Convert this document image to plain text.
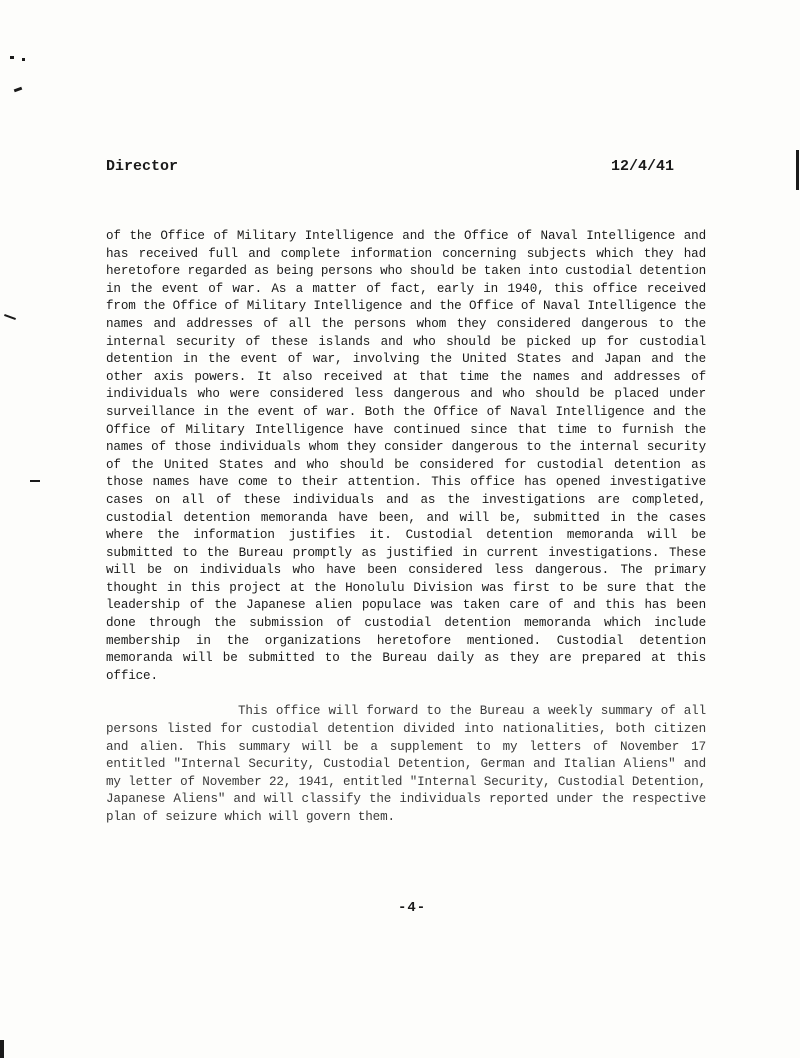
Director	12/4/41

of the Office of Military Intelligence and the Office of Naval Intelligence and has received full and complete information concerning subjects which they had heretofore regarded as being persons who should be taken into custodial detention in the event of war. As a matter of fact, early in 1940, this office received from the Office of Military Intelligence and the Office of Naval Intelligence the names and addresses of all the persons whom they considered dangerous to the internal security of these islands and who should be picked up for custodial detention in the event of war, involving the United States and Japan and the other axis powers. It also received at that time the names and addresses of individuals who were considered less dangerous and who should be placed under surveillance in the event of war. Both the Office of Naval Intelligence and the Office of Military Intelligence have continued since that time to furnish the names of those individuals whom they consider dangerous to the internal security of the United States and who should be considered for custodial detention as those names have come to their attention. This office has opened investigative cases on all of these individuals and as the investigations are completed, custodial detention memoranda have been, and will be, submitted in the cases where the information justifies it. Custodial detention memoranda will be submitted to the Bureau promptly as justified in current investigations. These will be on individuals who have been considered less dangerous. The primary thought in this project at the Honolulu Division was first to be sure that the leadership of the Japanese alien populace was taken care of and this has been done through the submission of custodial detention memoranda which include membership in the organizations heretofore mentioned. Custodial detention memoranda will be submitted to the Bureau daily as they are prepared at this office.

This office will forward to the Bureau a weekly summary of all persons listed for custodial detention divided into nationalities, both citizen and alien. This summary will be a supplement to my letters of November 17 entitled "Internal Security, Custodial Detention, German and Italian Aliens" and my letter of November 22, 1941, entitled "Internal Security, Custodial Detention, Japanese Aliens" and will classify the individuals reported under the respective plan of seizure which will govern them.

-4-
